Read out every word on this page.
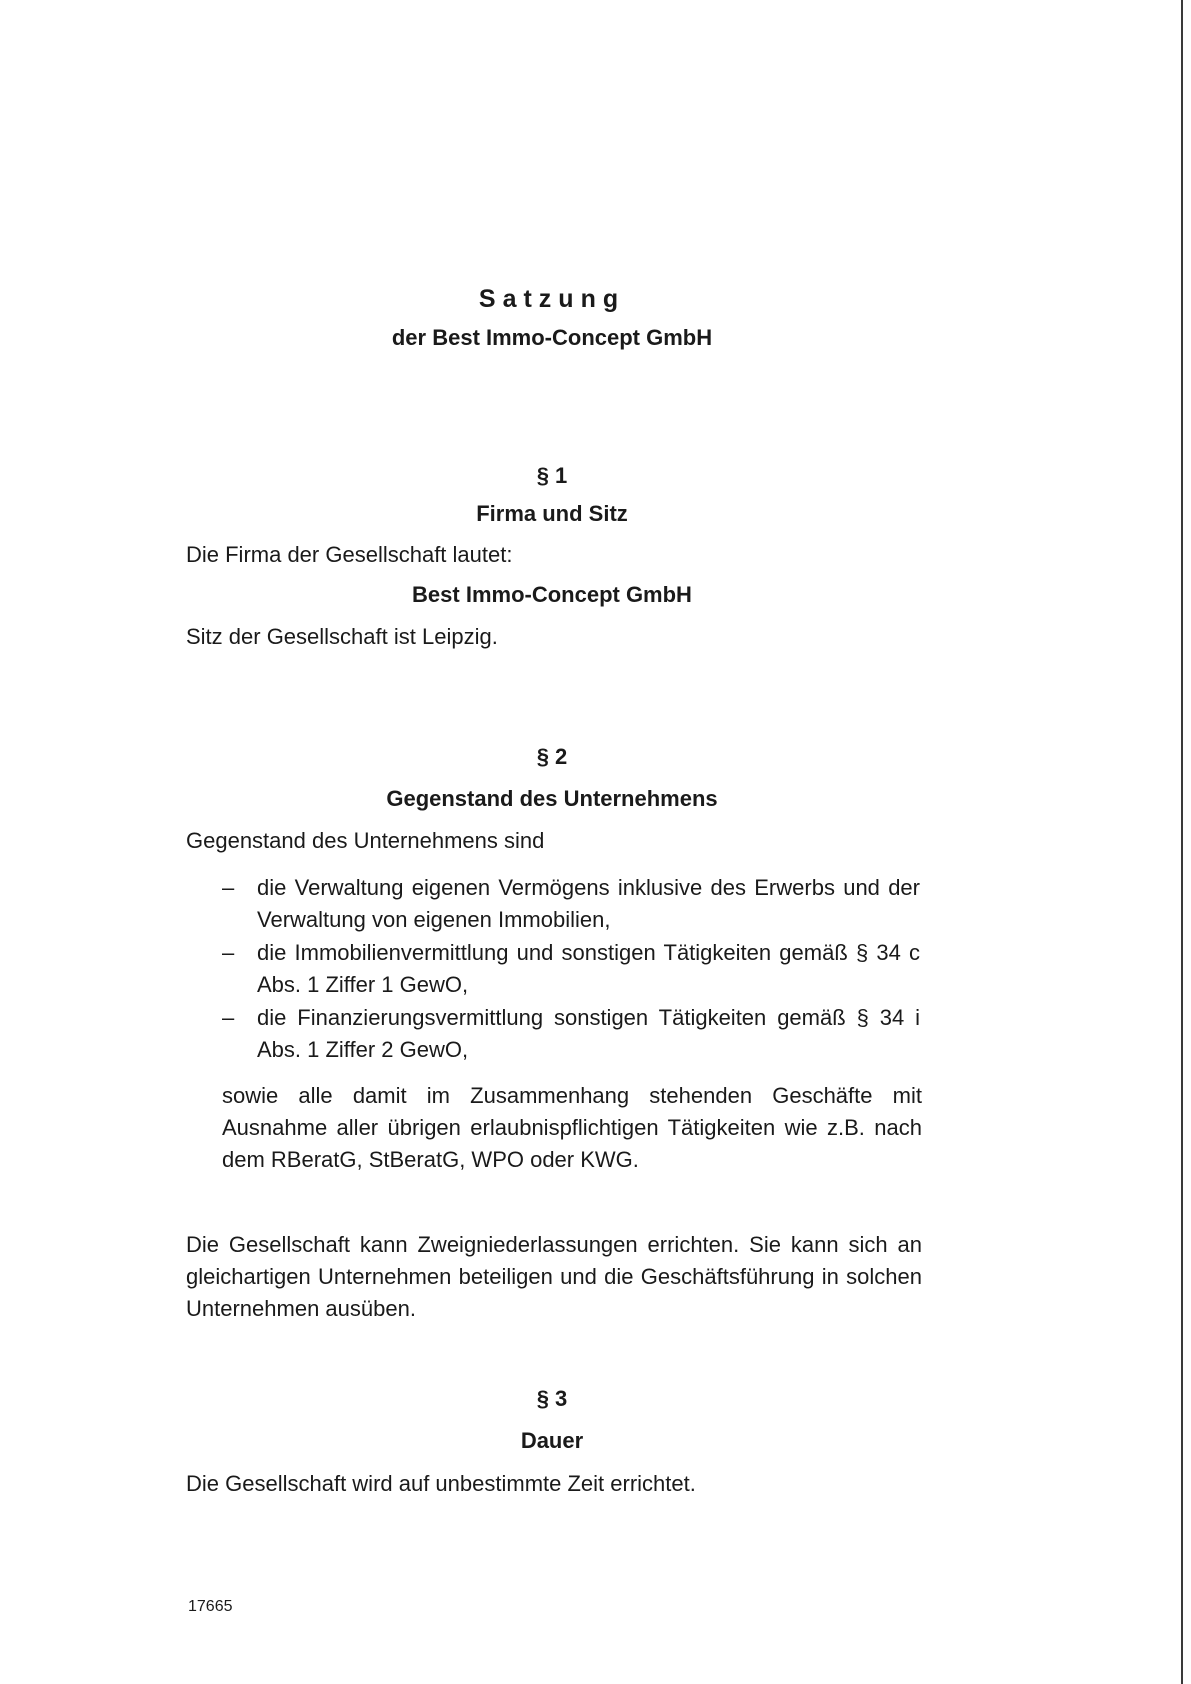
Satzung
der Best Immo-Concept GmbH
§ 1
Firma und Sitz
Die Firma der Gesellschaft lautet:
Best Immo-Concept GmbH
Sitz der Gesellschaft ist Leipzig.
§ 2
Gegenstand des Unternehmens
Gegenstand des Unternehmens sind
– die Verwaltung eigenen Vermögens inklusive des Erwerbs und der Verwaltung von eigenen Immobilien,
– die Immobilienvermittlung und sonstigen Tätigkeiten gemäß § 34 c Abs. 1 Ziffer 1 GewO,
– die Finanzierungsvermittlung sonstigen Tätigkeiten gemäß § 34 i Abs. 1 Ziffer 2 GewO,
sowie alle damit im Zusammenhang stehenden Geschäfte mit Ausnahme aller übrigen erlaubnispflichtigen Tätigkeiten wie z.B. nach dem RBeratG, StBeratG, WPO oder KWG.
Die Gesellschaft kann Zweigniederlassungen errichten. Sie kann sich an gleichartigen Unternehmen beteiligen und die Geschäftsführung in solchen Unternehmen ausüben.
§ 3
Dauer
Die Gesellschaft wird auf unbestimmte Zeit errichtet.
17665
